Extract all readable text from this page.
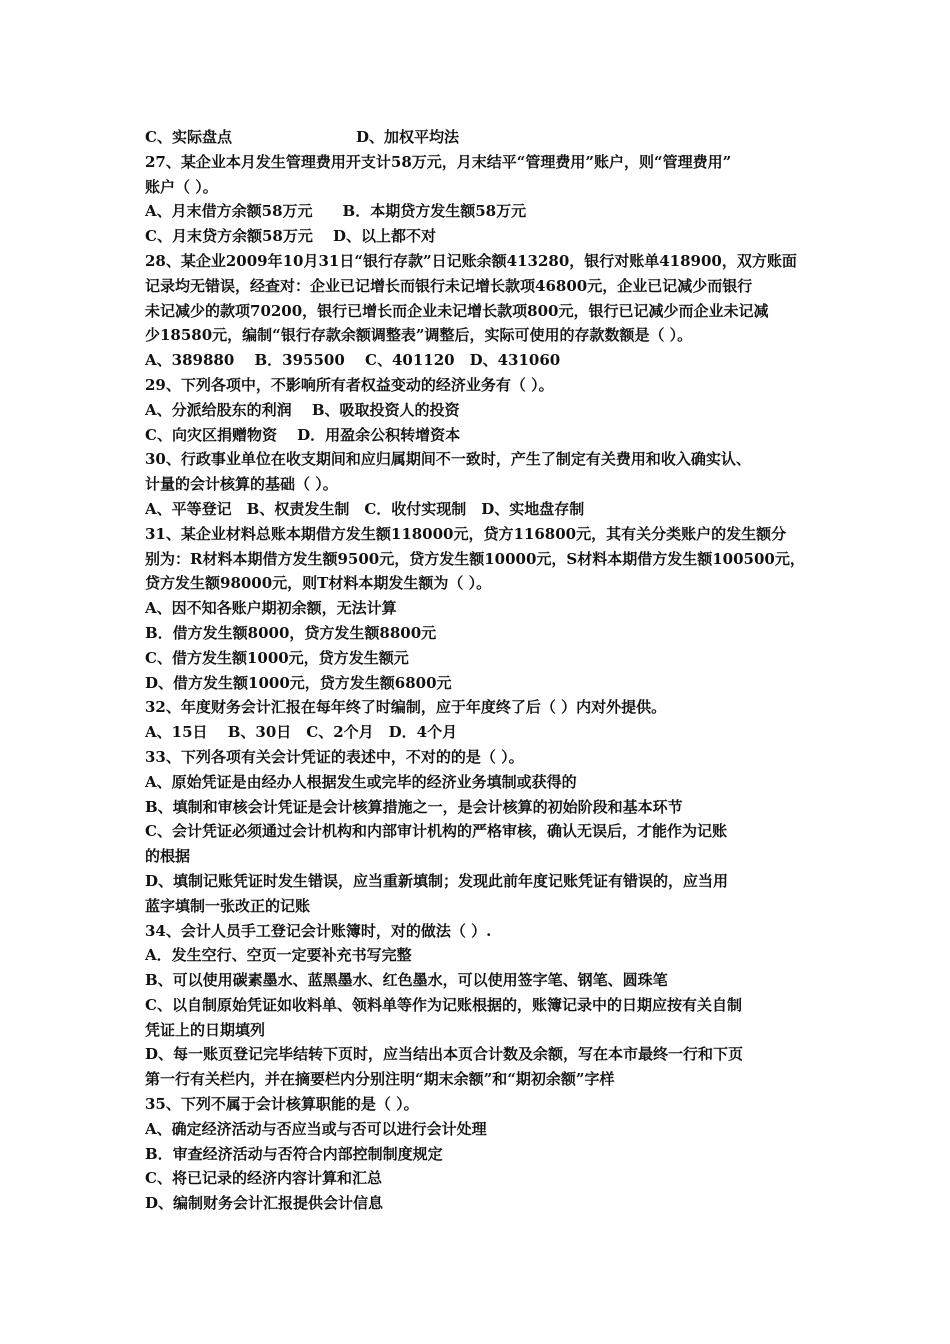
C、实际盘点	D、加权平均法
27、某企业本月发生管理费用开支计58万元，月末结平“管理费用”账户，则“管理费用”
账户（ ）。
A、月末借方余额58万元　　B．本期贷方发生额58万元
C、月末贷方余额58万元　 D、以上都不对
28、某企业2009年10月31日“银行存款”日记账余额413280，银行对账单418900，双方账面
记录均无错误，经查对：企业已记增长而银行未记增长款项46800元，企业已记减少而银行
未记减少的款项70200，银行已增长而企业未记增长款项800元，银行已记减少而企业未记减
少18580元，编制“银行存款余额调整表”调整后，实际可使用的存款数额是（ ）。
A、389880　 B．395500　 C、401120　D、431060
29、下列各项中，不影响所有者权益变动的经济业务有（ ）。
A、分派给股东的利润　 B、吸取投资人的投资
C、向灾区捐赠物资　 D．用盈余公积转增资本
30、行政事业单位在收支期间和应归属期间不一致时，产生了制定有关费用和收入确实认、
计量的会计核算的基础（ ）。
A、平等登记　B、权责发生制　C．收付实现制　D、实地盘存制
31、某企业材料总账本期借方发生额118000元，贷方116800元，其有关分类账户的发生额分
别为：R材料本期借方发生额9500元，贷方发生额10000元，S材料本期借方发生额100500元，
贷方发生额98000元，则T材料本期发生额为（ ）。
A、因不知各账户期初余额，无法计算
B．借方发生额8000，贷方发生额8800元
C、借方发生额1000元，贷方发生额元
D、借方发生额1000元，贷方发生额6800元
32、年度财务会计汇报在每年终了时编制，应于年度终了后（ ）内对外提供。
A、15日　 B、30日　C、2个月　D．4个月
33、下列各项有关会计凭证的表述中，不对的的是（ ）。
A、原始凭证是由经办人根据发生或完毕的经济业务填制或获得的
B、填制和审核会计凭证是会计核算措施之一，是会计核算的初始阶段和基本环节
C、会计凭证必须通过会计机构和内部审计机构的严格审核，确认无误后，才能作为记账
的根据
D、填制记账凭证时发生错误，应当重新填制；发现此前年度记账凭证有错误的，应当用
蓝字填制一张改正的记账
34、会计人员手工登记会计账簿时，对的做法（ ）.
A．发生空行、空页一定要补充书写完整
B、可以使用碳素墨水、蓝黑墨水、红色墨水，可以使用签字笔、钢笔、圆珠笔
C、以自制原始凭证如收料单、领料单等作为记账根据的，账簿记录中的日期应按有关自制
凭证上的日期填列
D、每一账页登记完毕结转下页时，应当结出本页合计数及余额，写在本市最终一行和下页
第一行有关栏内，并在摘要栏内分别注明“期末余额”和“期初余额”字样
35、下列不属于会计核算职能的是（ ）。
A、确定经济活动与否应当或与否可以进行会计处理
B．审查经济活动与否符合内部控制制度规定
C、将已记录的经济内容计算和汇总
D、编制财务会计汇报提供会计信息
